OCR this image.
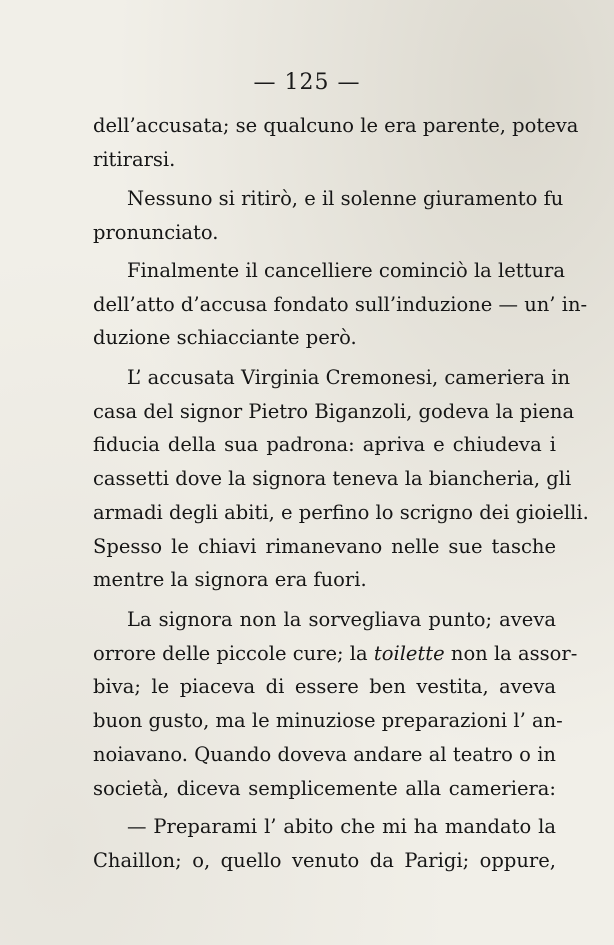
— 125 —
dell’accusata; se qualcuno le era parente, poteva
ritirarsi.
Nessuno si ritirò, e il solenne giuramento fu
pronunciato.
Finalmente il cancelliere cominciò la lettura
dell’atto d’accusa fondato sull’induzione — un’ in-
duzione schiacciante però.
L’ accusata Virginia Cremonesi, cameriera in
casa del signor Pietro Biganzoli, godeva la piena
fiducia della sua padrona: apriva e chiudeva i
cassetti dove la signora teneva la biancheria, gli
armadi degli abiti, e perfino lo scrigno dei gioielli.
Spesso le chiavi rimanevano nelle sue tasche
mentre la signora era fuori.
La signora non la sorvegliava punto; aveva
orrore delle piccole cure; la toilette non la assor-
biva; le piaceva di essere ben vestita, aveva
buon gusto, ma le minuziose preparazioni l’ an-
noiavano. Quando doveva andare al teatro o in
società, diceva semplicemente alla cameriera:
— Preparami l’ abito che mi ha mandato la
Chaillon; o, quello venuto da Parigi; oppure,
